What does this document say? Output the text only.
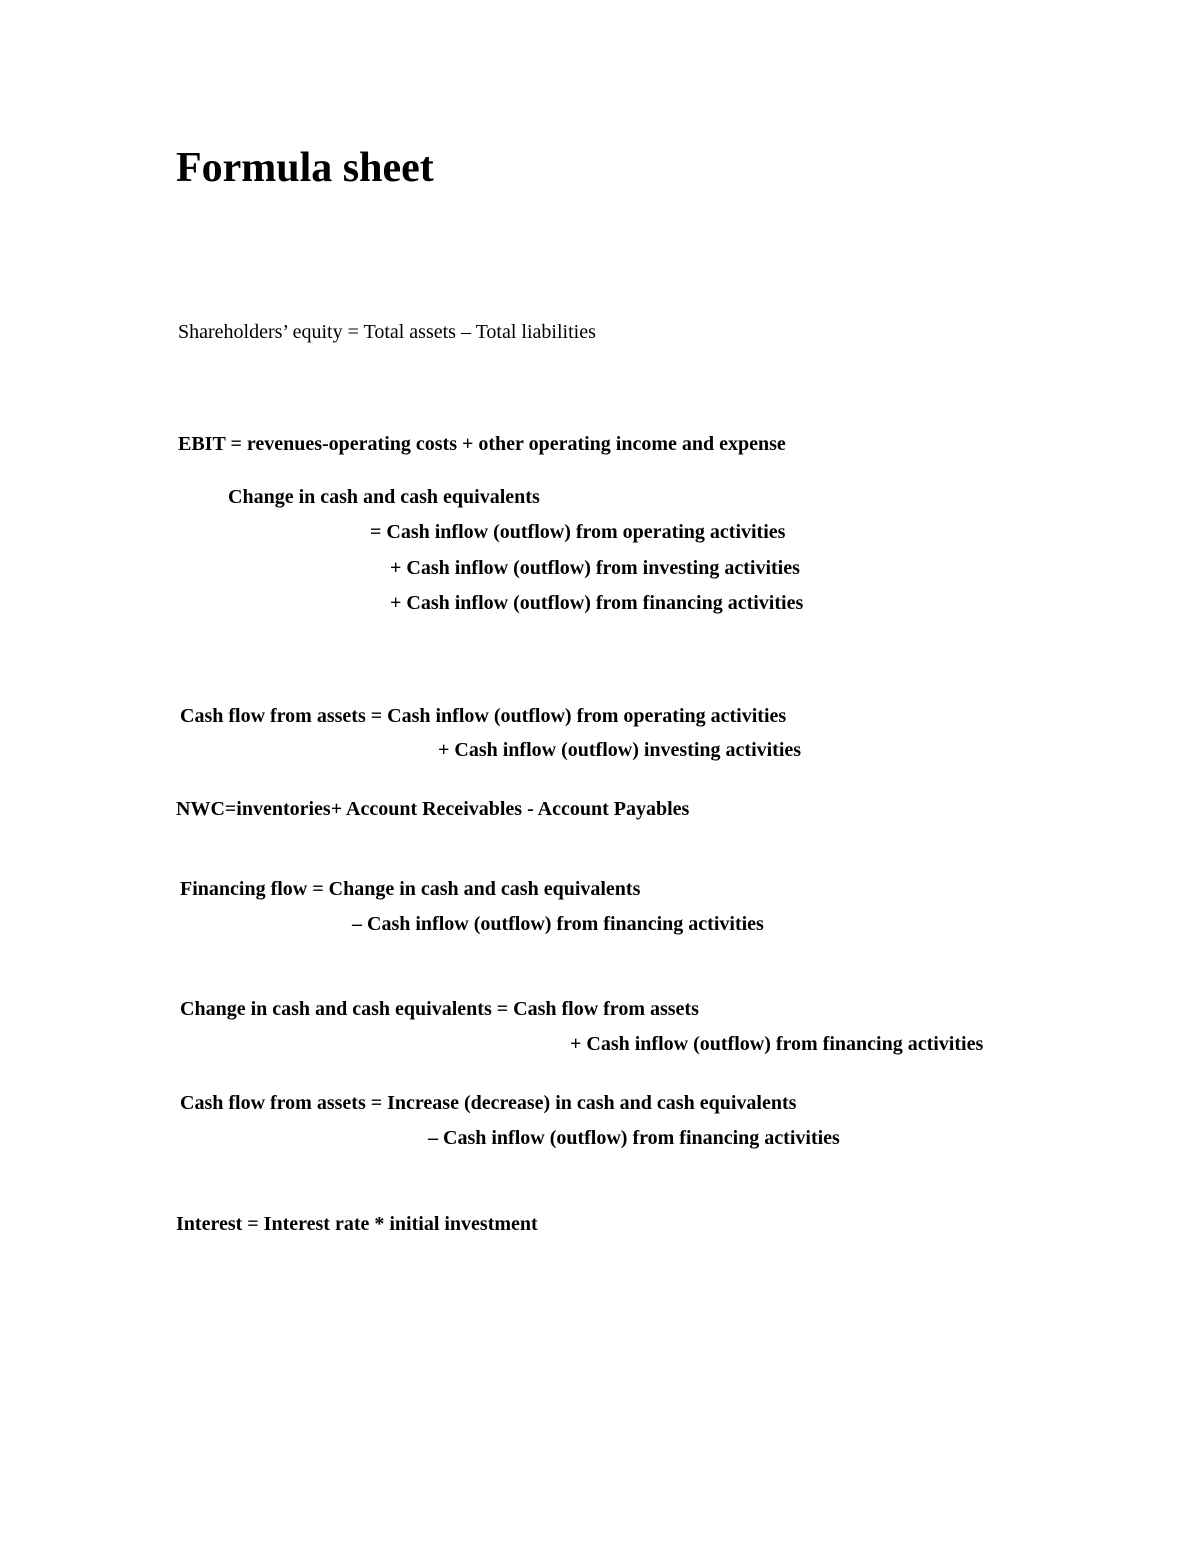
Formula sheet
Shareholders’ equity = Total assets – Total liabilities
EBIT = revenues-operating costs + other operating income and expense
Change in cash and cash equivalents
= Cash inflow (outflow) from operating activities
+ Cash inflow (outflow) from investing activities
+ Cash inflow (outflow) from financing activities
Cash flow from assets = Cash inflow (outflow) from operating activities
+ Cash inflow (outflow) investing activities
NWC=inventories+ Account Receivables - Account Payables
Financing flow = Change in cash and cash equivalents
– Cash inflow (outflow) from financing activities
Change in cash and cash equivalents = Cash flow from assets
+ Cash inflow (outflow) from financing activities
Cash flow from assets = Increase (decrease) in cash and cash equivalents
– Cash inflow (outflow) from financing activities
Interest = Interest rate * initial investment
